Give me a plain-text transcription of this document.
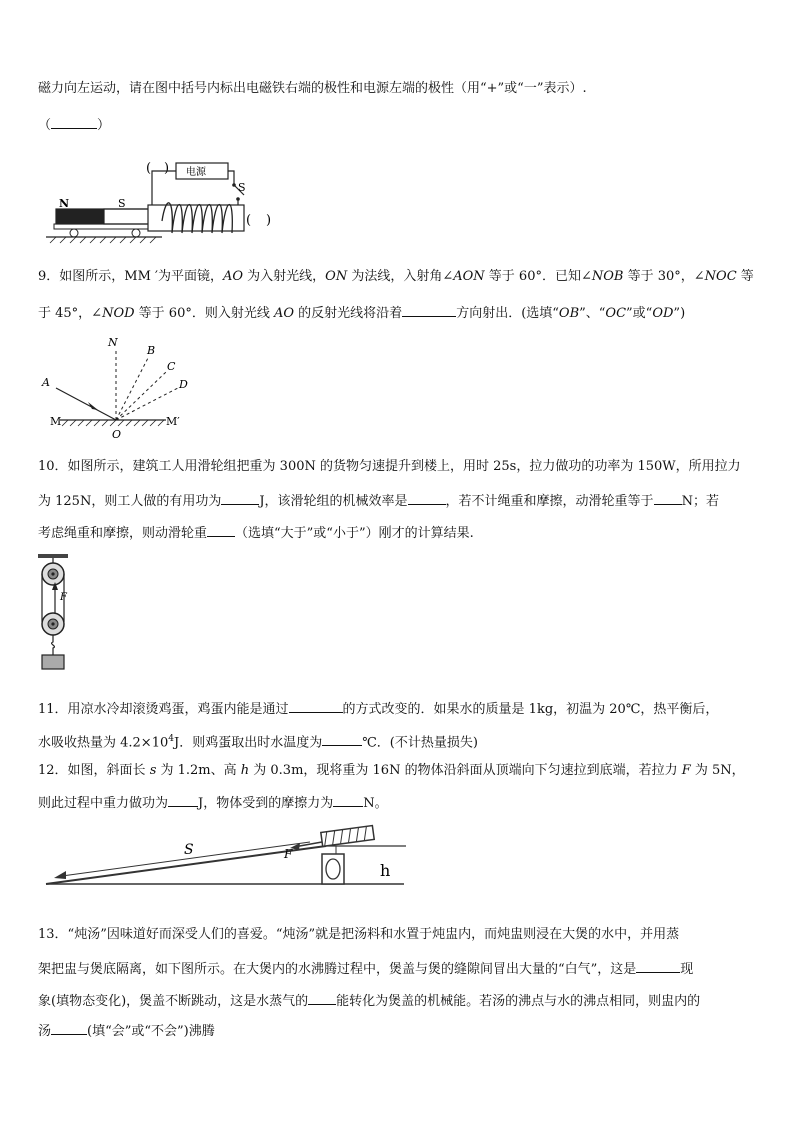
磁力向左运动，请在图中括号内标出电磁铁右端的极性和电源左端的极性（用“+”或“一”表示）.
（	）
N	S
( ) 电源
S
( )
9．如图所示，MM ′为平面镜，AO 为入射光线，ON 为法线，入射角∠AON 等于 60°．已知∠NOB 等于 30°，∠NOC 等
于 45°，∠NOD 等于 60°．则入射光线 AO 的反射光线将沿着	方向射出．(选填“OB”、“OC”或“OD”)
N
B
C
D
A
M	M′
O
10．如图所示，建筑工人用滑轮组把重为 300N 的货物匀速提升到楼上，用时 25s，拉力做功的功率为 150W，所用拉力
为 125N，则工人做的有用功为	J，该滑轮组的机械效率是	，若不计绳重和摩擦，动滑轮重等于 N；若
考虑绳重和摩擦，则动滑轮重 （选填“大于”或“小于”）刚才的计算结果.
F
11．用凉水冷却滚烫鸡蛋，鸡蛋内能是通过	的方式改变的．如果水的质量是 1kg，初温为 20℃，热平衡后，
水吸收热量为 $4.2\times 10^4J$．则鸡蛋取出时水温度为	℃．(不计热量损失)
12．如图，斜面长 s 为 1.2m、高 h 为 0.3m，现将重为 16N 的物体沿斜面从顶端向下匀速拉到底端，若拉力 F 为 5N，
则此过程中重力做功为 J，物体受到的摩擦力为 N。
S	F
h
13．“炖汤”因味道好而深受人们的喜爱。“炖汤”就是把汤料和水置于炖盅内，而炖盅则浸在大煲的水中，并用蒸
架把盅与煲底隔离，如下图所示。在大煲内的水沸腾过程中，煲盖与煲的缝隙间冒出大量的“白气”，这是	现
象(填物态变化)，煲盖不断跳动，这是水蒸气的 能转化为煲盖的机械能。若汤的沸点与水的沸点相同，则盅内的
汤	(填“会”或“不会”)沸腾
